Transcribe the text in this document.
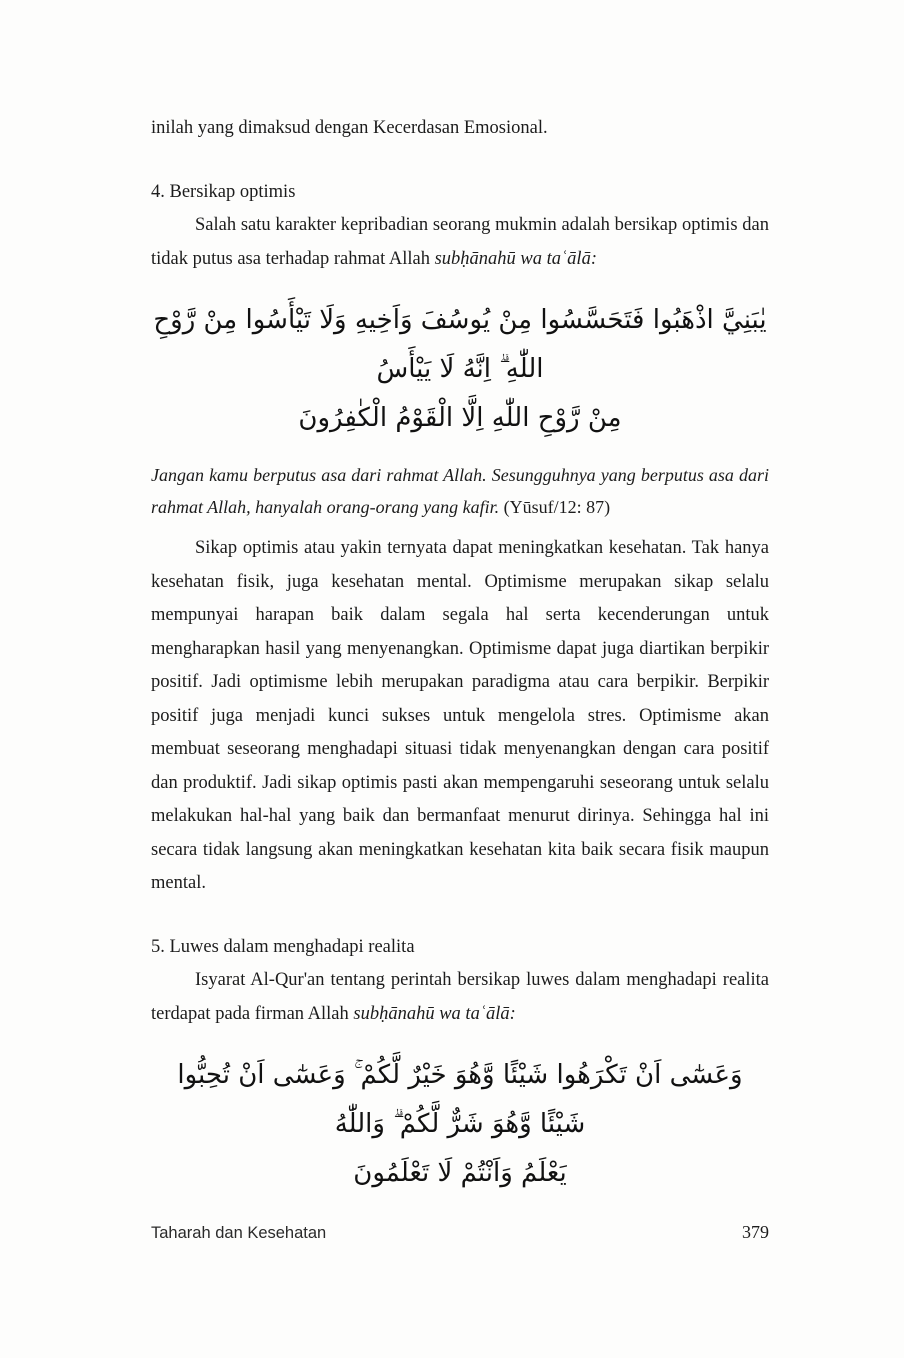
inilah yang dimaksud dengan Kecerdasan Emosional.

4. Bersikap optimis

Salah satu karakter kepribadian seorang mukmin adalah bersikap optimis dan tidak putus asa terhadap rahmat Allah subḥānahū wa taʿālā:

يٰبَنِيَّ اذْهَبُوا فَتَحَسَّسُوا مِنْ يُوسُفَ وَاَخِيهِ وَلَا تَيْأَسُوا مِنْ رَّوْحِ اللّٰهِ ۗ اِنَّهُ لَا يَيْأَسُ
مِنْ رَّوْحِ اللّٰهِ اِلَّا الْقَوْمُ الْكٰفِرُونَ

Jangan kamu berputus asa dari rahmat Allah. Sesungguhnya yang berputus asa dari rahmat Allah, hanyalah orang-orang yang kafir. (Yūsuf/12: 87)

Sikap optimis atau yakin ternyata dapat meningkatkan kesehatan. Tak hanya kesehatan fisik, juga kesehatan mental. Optimisme merupakan sikap selalu mempunyai harapan baik dalam segala hal serta kecenderungan untuk mengharapkan hasil yang menyenangkan. Optimisme dapat juga diartikan berpikir positif. Jadi optimisme lebih merupakan paradigma atau cara berpikir. Berpikir positif juga menjadi kunci sukses untuk mengelola stres. Optimisme akan membuat seseorang menghadapi situasi tidak menyenangkan dengan cara positif dan produktif. Jadi sikap optimis pasti akan mempengaruhi seseorang untuk selalu melakukan hal-hal yang baik dan bermanfaat menurut dirinya. Sehingga hal ini secara tidak langsung akan meningkatkan kesehatan kita baik secara fisik maupun mental.

5. Luwes dalam menghadapi realita

Isyarat Al-Qur'an tentang perintah bersikap luwes dalam menghadapi realita terdapat pada firman Allah subḥānahū wa taʿālā:

وَعَسٰٓى اَنْ تَكْرَهُوا شَيْئًا وَّهُوَ خَيْرٌ لَّكُمْ ۚ وَعَسٰٓى اَنْ تُحِبُّوا شَيْئًا وَّهُوَ شَرٌّ لَّكُمْ ۗ وَاللّٰهُ
يَعْلَمُ وَاَنْتُمْ لَا تَعْلَمُونَ
Taharah dan Kesehatan	379
